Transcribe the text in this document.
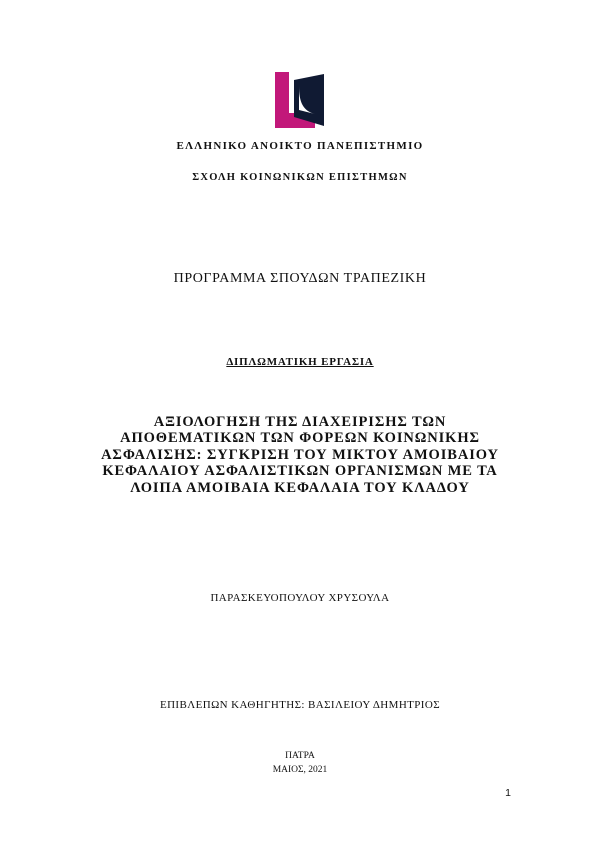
ΕΛΛΗΝΙΚΟ ΑΝΟΙΚΤΟ ΠΑΝΕΠΙΣΤΗΜΙΟ
ΣΧΟΛΗ ΚΟΙΝΩΝΙΚΩΝ ΕΠΙΣΤΗΜΩΝ
ΠΡΟΓΡΑΜΜΑ ΣΠΟΥΔΩΝ ΤΡΑΠΕΖΙΚΗ
ΔΙΠΛΩΜΑΤΙΚΗ ΕΡΓΑΣΙΑ
ΑΞΙΟΛΟΓΗΣΗ ΤΗΣ ΔΙΑΧΕΙΡΙΣΗΣ ΤΩΝ
ΑΠΟΘΕΜΑΤΙΚΩΝ ΤΩΝ ΦΟΡΕΩΝ ΚΟΙΝΩΝΙΚΗΣ
ΑΣΦΑΛΙΣΗΣ: ΣΥΓΚΡΙΣΗ ΤΟΥ ΜΙΚΤΟΥ ΑΜΟΙΒΑΙΟΥ
ΚΕΦΑΛΑΙΟΥ ΑΣΦΑΛΙΣΤΙΚΩΝ ΟΡΓΑΝΙΣΜΩΝ ΜΕ ΤΑ
ΛΟΙΠΑ ΑΜΟΙΒΑΙΑ ΚΕΦΑΛΑΙΑ ΤΟΥ ΚΛΑΔΟΥ
ΠΑΡΑΣΚΕΥΟΠΟΥΛΟΥ ΧΡΥΣΟΥΛΑ
ΕΠΙΒΛΕΠΩΝ ΚΑΘΗΓΗΤΗΣ: ΒΑΣΙΛΕΙΟΥ ΔΗΜΗΤΡΙΟΣ
ΠΑΤΡΑ
ΜΑΙΟΣ, 2021
1
